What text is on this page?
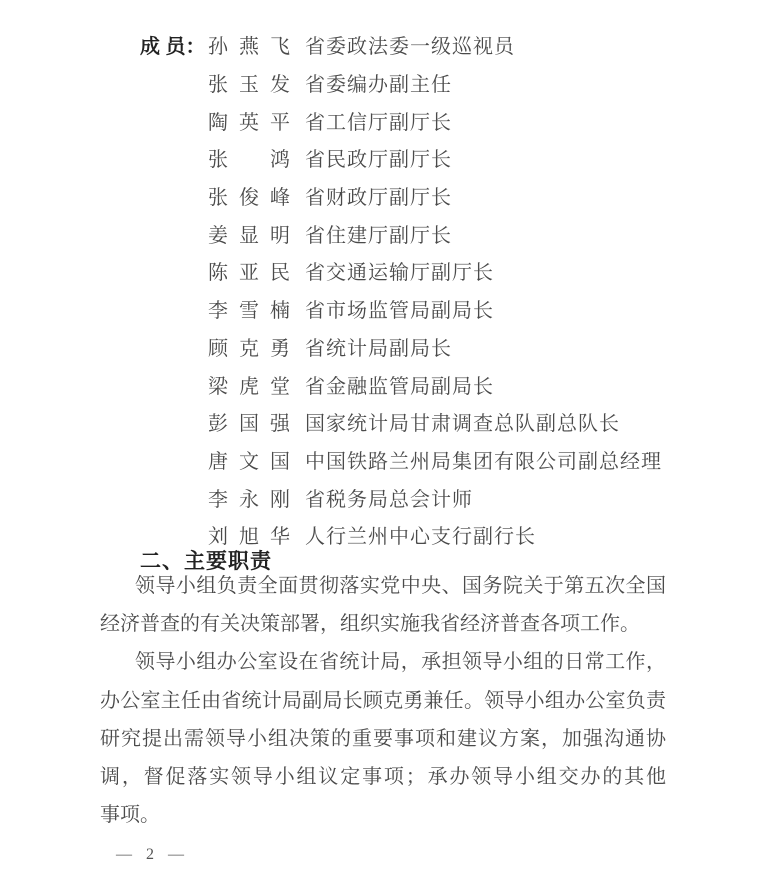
成 员： 孙燕飞 省委政法委一级巡视员
张玉发 省委编办副主任
陶英平 省工信厅副厅长
张鸿 省民政厅副厅长
张俊峰 省财政厅副厅长
姜显明 省住建厅副厅长
陈亚民 省交通运输厅副厅长
李雪楠 省市场监管局副局长
顾克勇 省统计局副局长
梁虎堂 省金融监管局副局长
彭国强 国家统计局甘肃调查总队副总队长
唐文国 中国铁路兰州局集团有限公司副总经理
李永刚 省税务局总会计师
刘旭华 人行兰州中心支行副行长
二、主要职责
领导小组负责全面贯彻落实党中央、国务院关于第五次全国
经济普查的有关决策部署，组织实施我省经济普查各项工作。
领导小组办公室设在省统计局，承担领导小组的日常工作，
办公室主任由省统计局副局长顾克勇兼任。领导小组办公室负责
研究提出需领导小组决策的重要事项和建议方案，加强沟通协
调，督促落实领导小组议定事项；承办领导小组交办的其他
事项。
— 2 —
